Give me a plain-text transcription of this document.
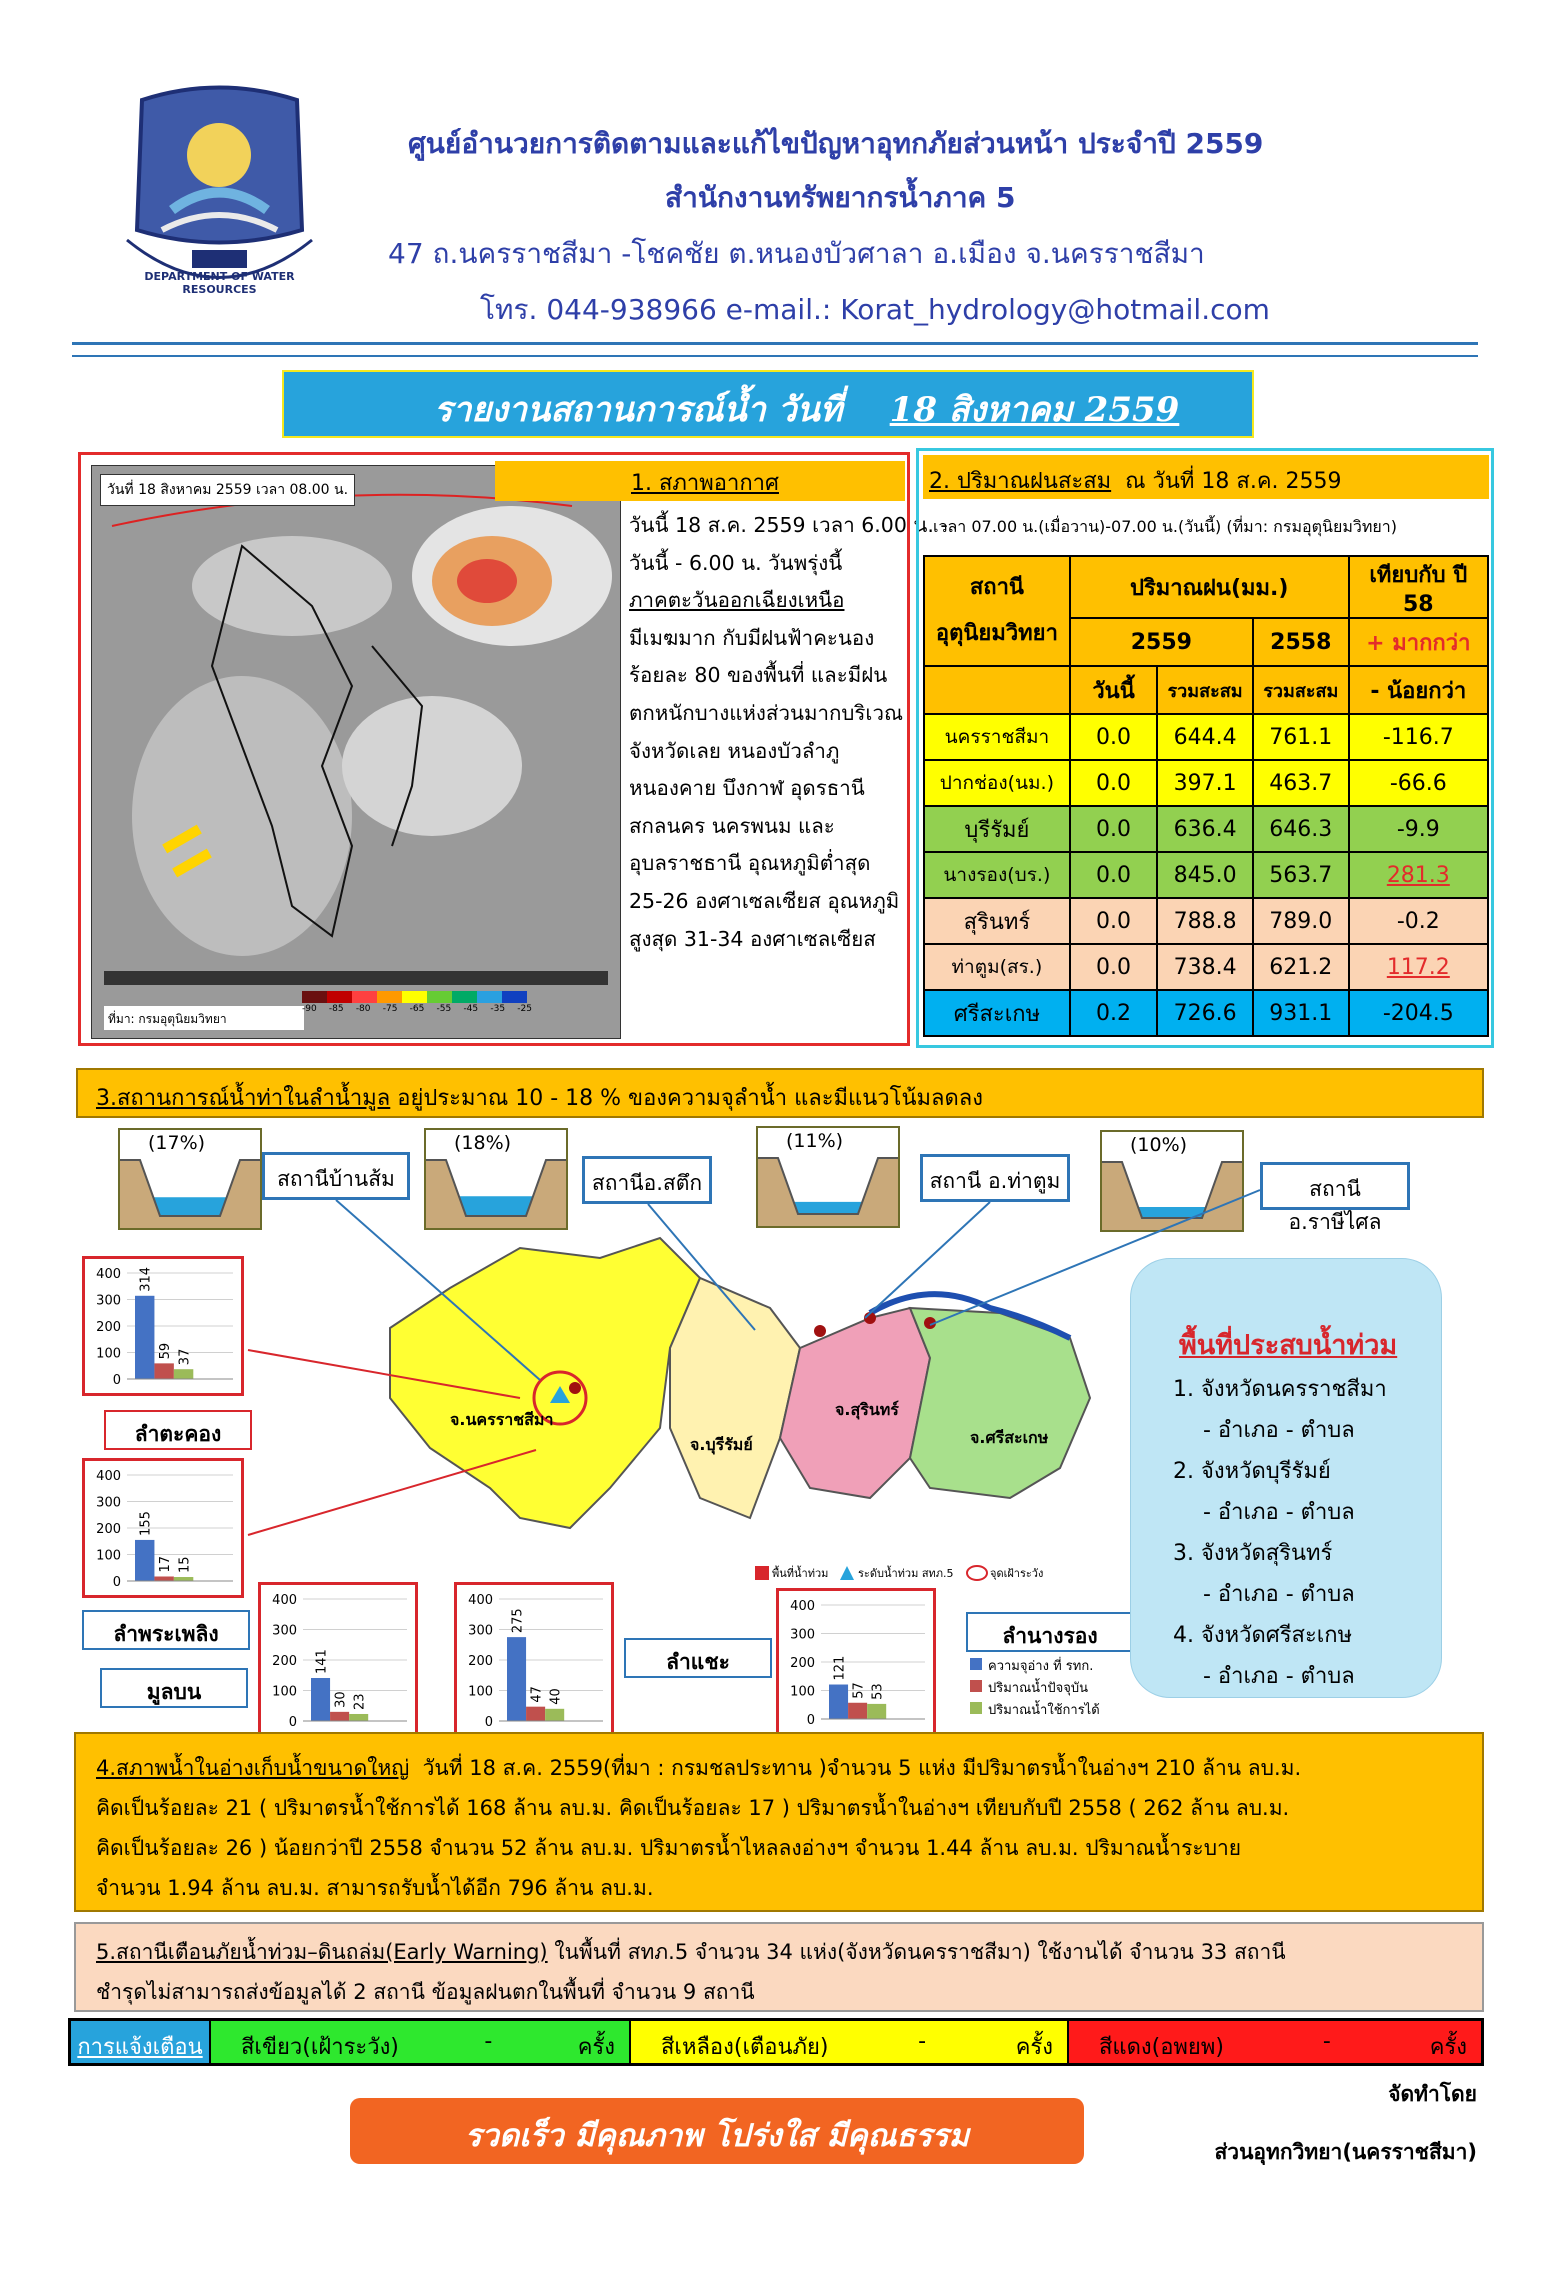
DEPARTMENT OF WATER RESOURCES
ศูนย์อำนวยการติดตามและแก้ไขปัญหาอุทกภัยส่วนหน้า ประจำปี 2559
สำนักงานทรัพยากรน้ำภาค 5
47 ถ.นครราชสีมา -โชคชัย ต.หนองบัวศาลา อ.เมือง จ.นครราชสีมา
โทร. 044-938966 e-mail.: Korat_hydrology@hotmail.com
รายงานสถานการณ์น้ำ วันที่ 18 สิงหาคม 2559
วันที่ 18 สิงหาคม 2559 เวลา 08.00 น.
-90 -85 -80 -75 -65 -55 -45 -35 -25
ที่มา: กรมอุตุนิยมวิทยา
1. สภาพอากาศ
วันนี้ 18 ส.ค. 2559 เวลา 6.00 น. -
วันนี้ - 6.00 น. วันพรุ่งนี้
ภาคตะวันออกเฉียงเหนือ
มีเมฆมาก กับมีฝนฟ้าคะนอง
ร้อยละ 80 ของพื้นที่ และมีฝน
ตกหนักบางแห่งส่วนมากบริเวณ
จังหวัดเลย หนองบัวลำภู
หนองคาย บึงกาฬ อุดรธานี
สกลนคร นครพนม และ
อุบลราชธานี อุณหภูมิต่ำสุด
25-26 องศาเซลเซียส อุณหภูมิ
สูงสุด 31-34 องศาเซลเซียส
2. ปริมาณฝนสะสม ณ วันที่ 18 ส.ค. 2559
เวลา 07.00 น.(เมื่อวาน)-07.00 น.(วันนี้) (ที่มา: กรมอุตุนิยมวิทยา)
สถานี
อุตุนิยมวิทยา	ปริมาณฝน(มม.)			เทียบกับ ปี 58
	2559		2558	+ มากกว่า
	วันนี้	รวมสะสม	รวมสะสม	- น้อยกว่า
นครราชสีมา	0.0	644.4	761.1	-116.7
ปากช่อง(นม.)	0.0	397.1	463.7	-66.6
บุรีรัมย์	0.0	636.4	646.3	-9.9
นางรอง(บร.)	0.0	845.0	563.7	281.3
สุรินทร์	0.0	788.8	789.0	-0.2
ท่าตูม(สร.)	0.0	738.4	621.2	117.2
ศรีสะเกษ	0.2	726.6	931.1	-204.5
3.สถานการณ์น้ำท่าในลำน้ำมูล อยู่ประมาณ 10 - 18 % ของความจุลำน้ำ และมีแนวโน้มลดลง
(17%)	(18%)	(11%)	(10%)
สถานีบ้านส้ม	สถานีอ.สตึก	สถานี อ.ท่าตูม	สถานีอ.ราษีไศล
จ.นครราชสีมา
จ.บุรีรัมย์
จ.สุรินทร์
จ.ศรีสะเกษ
พื้นที่น้ำท่วม	ระดับน้ำท่วม สทภ.5	จุดเฝ้าระวัง
0
100
200
300
400 314
59 37
0
100
200
300
400
155
17 15
0
100
200
300
400
141
30 23
0
100
200
300
400
275
47 40
0
100
200
300
400
121
57 53
ลำตะคอง
ลำพระเพลิง
มูลบน
ลำแชะ
ลำนางรอง
ความจุอ่าง ที่ รทก.
ปริมาณน้ำปัจจุบัน
ปริมาณน้ำใช้การได้
พื้นที่ประสบน้ำท่วม
1. จังหวัดนครราชสีมา
- อำเภอ - ตำบล
2. จังหวัดบุรีรัมย์
- อำเภอ - ตำบล
3. จังหวัดสุรินทร์
- อำเภอ - ตำบล
4. จังหวัดศรีสะเกษ
- อำเภอ - ตำบล
4.สภาพน้ำในอ่างเก็บน้ำขนาดใหญ่ วันที่ 18 ส.ค. 2559(ที่มา : กรมชลประทาน )จำนวน 5 แห่ง มีปริมาตรน้ำในอ่างฯ 210 ล้าน ลบ.ม.
คิดเป็นร้อยละ 21 ( ปริมาตรน้ำใช้การได้ 168 ล้าน ลบ.ม. คิดเป็นร้อยละ 17 ) ปริมาตรน้ำในอ่างฯ เทียบกับปี 2558 ( 262 ล้าน ลบ.ม.
คิดเป็นร้อยละ 26 ) น้อยกว่าปี 2558 จำนวน 52 ล้าน ลบ.ม. ปริมาตรน้ำไหลลงอ่างฯ จำนวน 1.44 ล้าน ลบ.ม. ปริมาณน้ำระบาย
จำนวน 1.94 ล้าน ลบ.ม. สามารถรับน้ำได้อีก 796 ล้าน ลบ.ม.
5.สถานีเตือนภัยน้ำท่วม–ดินถล่ม(Early Warning) ในพื้นที่ สทภ.5 จำนวน 34 แห่ง(จังหวัดนครราชสีมา) ใช้งานได้ จำนวน 33 สถานี
ชำรุดไม่สามารถส่งข้อมูลได้ 2 สถานี ข้อมูลฝนตกในพื้นที่ จำนวน 9 สถานี
การแจ้งเตือน	สีเขียว(เฝ้าระวัง)	-	ครั้ง สีเหลือง(เตือนภัย)	-	ครั้ง สีแดง(อพยพ)	-	ครั้ง
รวดเร็ว มีคุณภาพ โปร่งใส มีคุณธรรม
จัดทำโดย
ส่วนอุทกวิทยา(นครราชสีมา)
